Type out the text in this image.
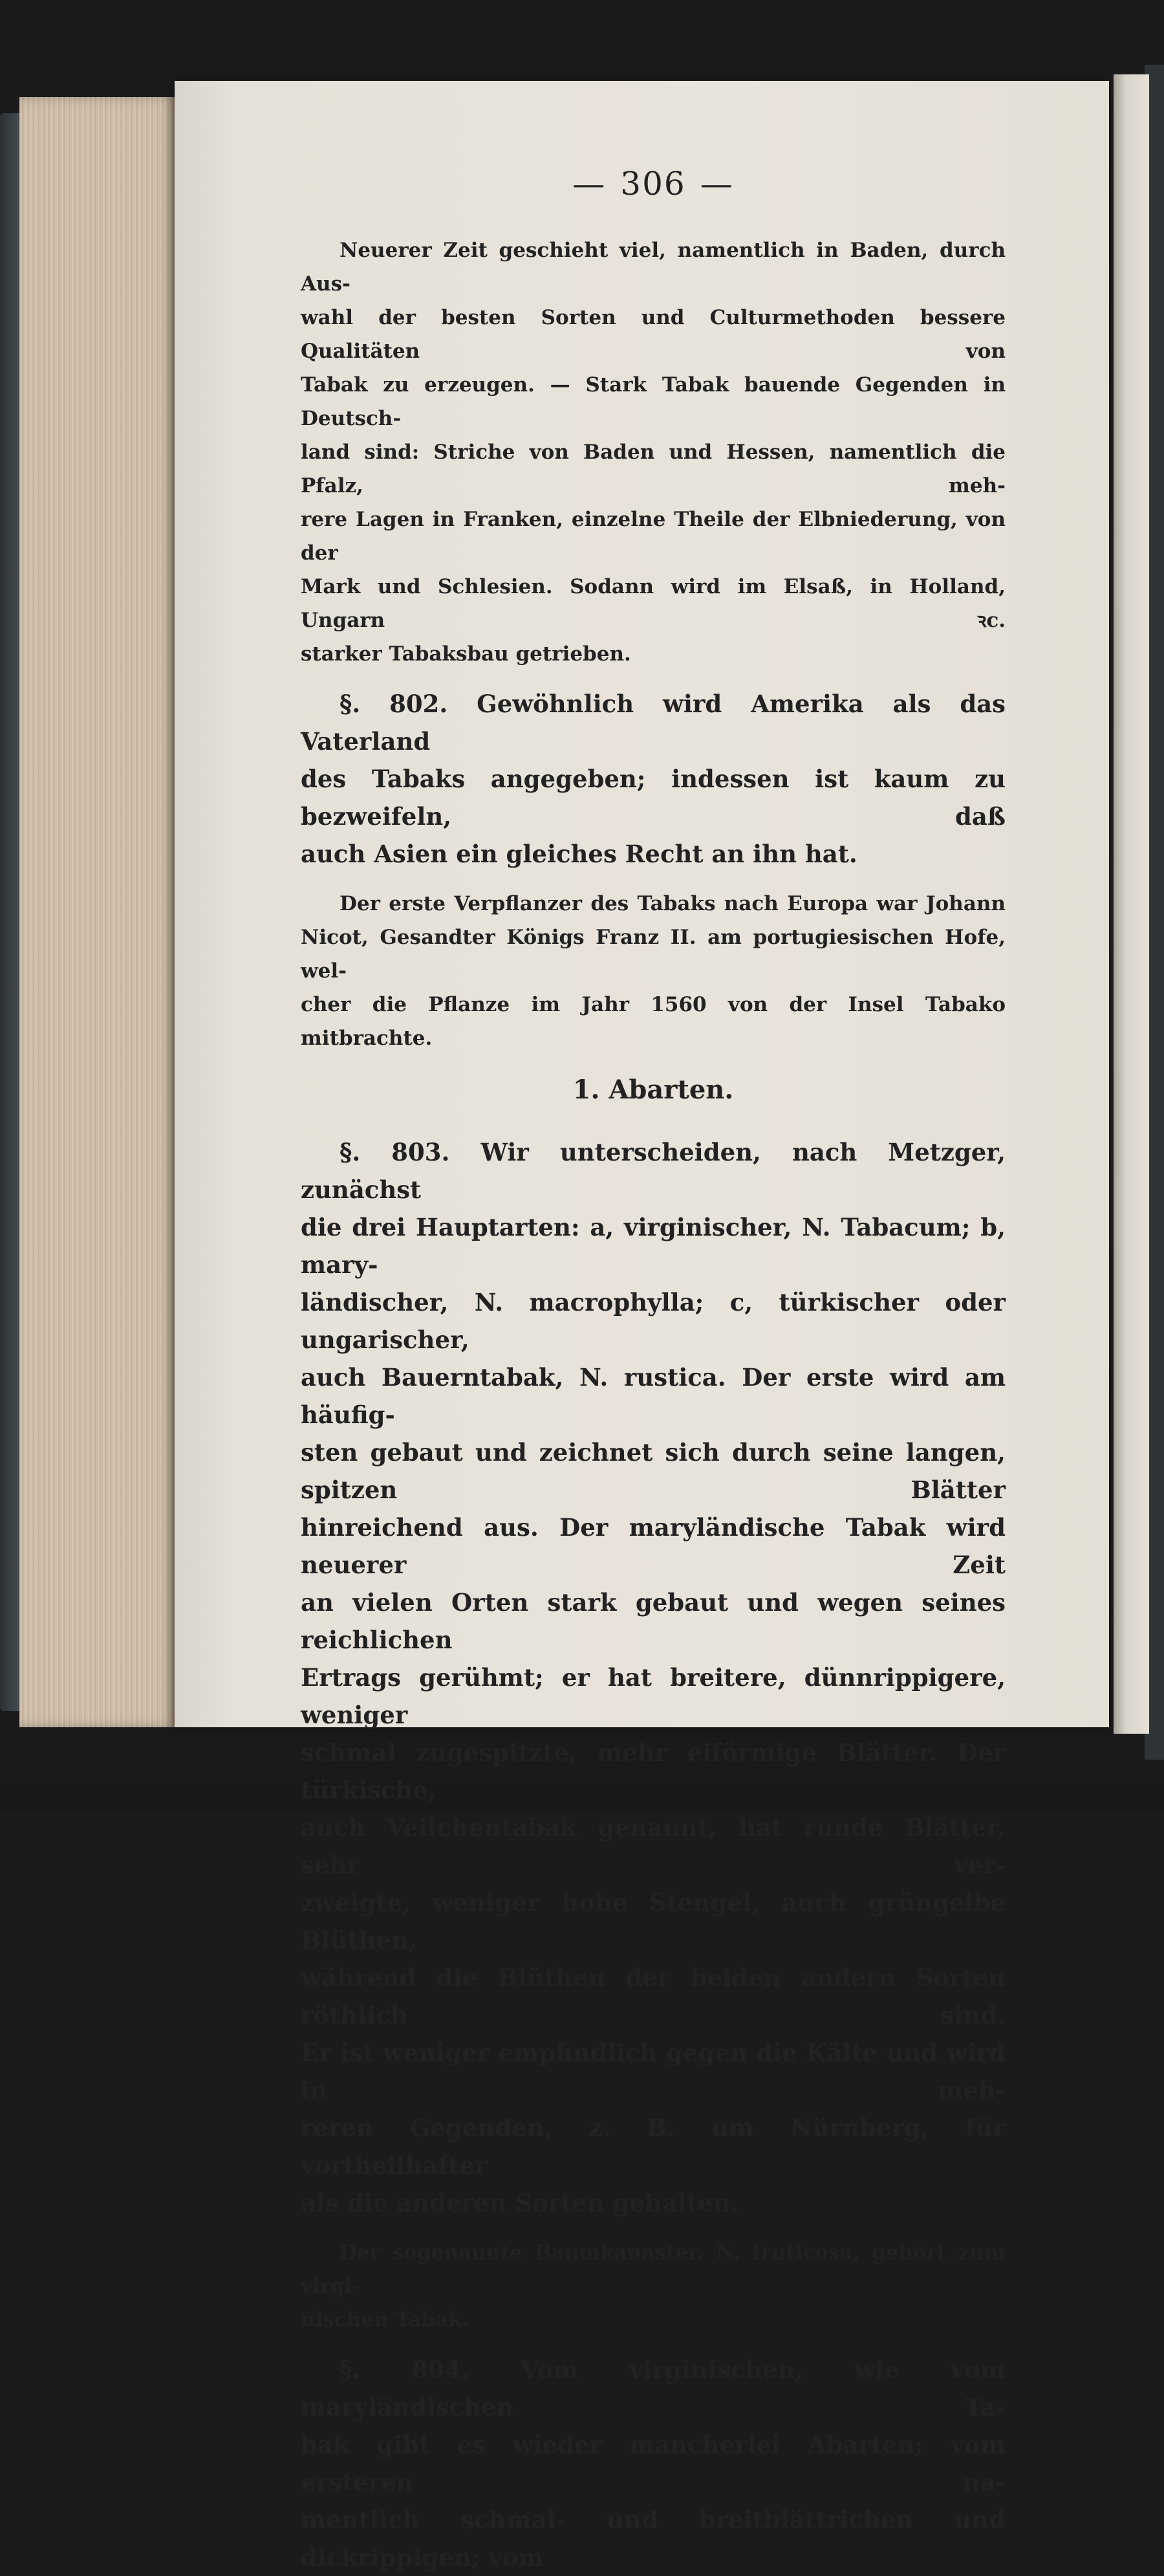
— 306 —
Neuerer Zeit geschieht viel, namentlich in Baden, durch Aus-
wahl der besten Sorten und Culturmethoden bessere Qualitäten von
Tabak zu erzeugen. — Stark Tabak bauende Gegenden in Deutsch-
land sind: Striche von Baden und Hessen, namentlich die Pfalz, meh-
rere Lagen in Franken, einzelne Theile der Elbniederung, von der
Mark und Schlesien. Sodann wird im Elsaß, in Holland, Ungarn ꝛc.
starker Tabaksbau getrieben.
§. 802. Gewöhnlich wird Amerika als das Vaterland
des Tabaks angegeben; indessen ist kaum zu bezweifeln, daß
auch Asien ein gleiches Recht an ihn hat.
Der erste Verpflanzer des Tabaks nach Europa war Johann
Nicot, Gesandter Königs Franz II. am portugiesischen Hofe, wel-
cher die Pflanze im Jahr 1560 von der Insel Tabako mitbrachte.
1. Abarten.
§. 803. Wir unterscheiden, nach Metzger, zunächst
die drei Hauptarten: a, virginischer, N. Tabacum; b, mary-
ländischer, N. macrophylla; c, türkischer oder ungarischer,
auch Bauerntabak, N. rustica. Der erste wird am häufig-
sten gebaut und zeichnet sich durch seine langen, spitzen Blätter
hinreichend aus. Der maryländische Tabak wird neuerer Zeit
an vielen Orten stark gebaut und wegen seines reichlichen
Ertrags gerühmt; er hat breitere, dünnrippigere, weniger
schmal zugespitzte, mehr eiförmige Blätter. Der türkische,
auch Veilchentabak genannt, hat runde Blätter, sehr ver-
zweigte, weniger hohe Stengel, auch grüngelbe Blüthen,
während die Blüthen der beiden andern Sorten röthlich sind.
Er ist weniger empfindlich gegen die Kälte und wird in meh-
reren Gegenden, z. B. um Nürnberg, für vortheilhafter
als die anderen Sorten gehalten.
Der sogenannte Baumkanaster, N. fruticosa, gehört zum virgi-
nischen Tabak.
§. 804. Vom virginischen, wie vom maryländischen Ta-
bak gibt es wieder mancherlei Abarten; vom ersteren na-
mentlich schmal- und breitblättrichen und dickrippigen; vom
